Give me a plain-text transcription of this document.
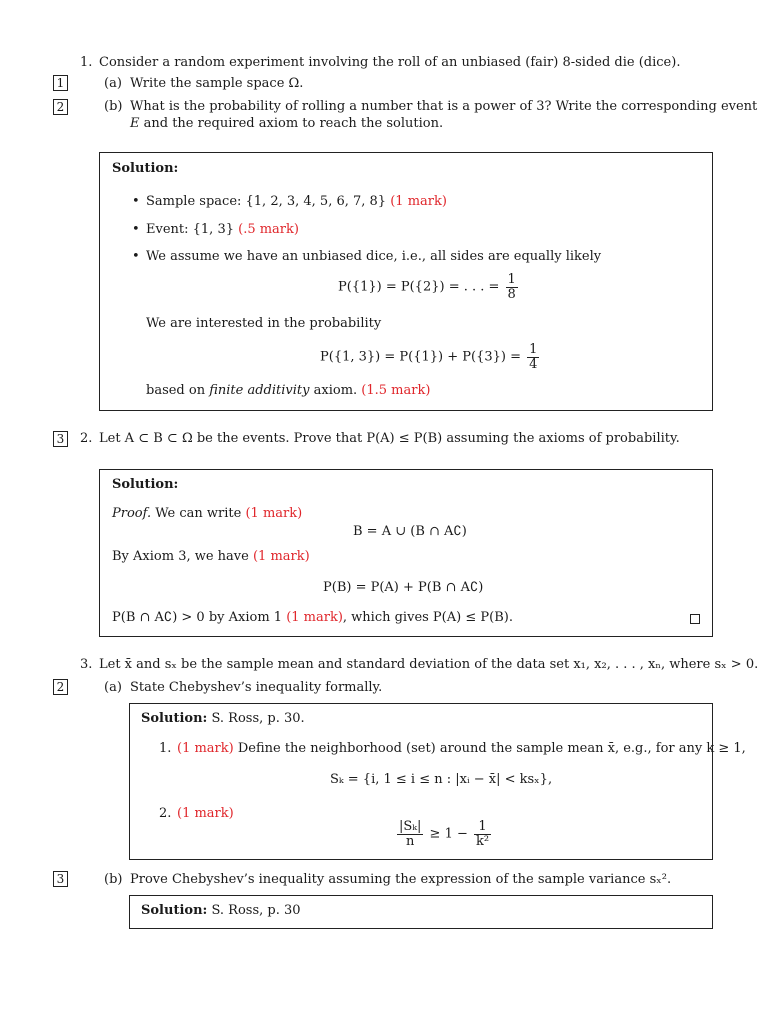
1. Consider a random experiment involving the roll of an unbiased (fair) 8-sided die (dice).
1	(a) Write the sample space Ω.
2	(b) What is the probability of rolling a number that is a power of 3? Write the corresponding event
E and the required axiom to reach the solution.
Solution:
• Sample space: {1, 2, 3, 4, 5, 6, 7, 8} (1 mark)
• Event: {1, 3} (.5 mark)
• We assume we have an unbiased dice, i.e., all sides are equally likely
P({1}) = P({2}) = . . . = $\frac{1}{8}$
We are interested in the probability
P({1, $3\}) = P(\{1\}) + P(\{3\}) = \frac{1}{4}$
based on finite additivity axiom. (1.5 mark)
3 2. Let A ⊂ B ⊂ Ω be the events. Prove that P(A) ≤ P(B) assuming the axioms of probability.
Solution:
Proof. We can write (1 mark)
B = A ∪ (B ∩ A∁)
By Axiom 3, we have (1 mark)
P(B) = P(A) + P(B ∩ A∁)
P(B ∩ A∁) > 0 by Axiom 1 (1 mark), which gives P(A) ≤ P(B).
3. Let x̄ and sₓ be the sample mean and standard deviation of the data set x₁, x₂, . . . , xₙ, where sₓ > 0.
2	(a) State Chebyshev’s inequality formally.
Solution: S. Ross, p. 30.
1. (1 mark) Define the neighborhood (set) around the sample mean x̄, e.g., for any k ≥ 1,
Sₖ = {i, 1 ≤ i ≤ n : |xᵢ − x̄| < ksₓ},
2. (1 mark)
$\frac{\text{|Sₖ|}}{n} \ge 1 - \frac{1}{\text{k²}}$
3	(b) Prove Chebyshev’s inequality assuming the expression of the sample variance sₓ².
Solution: S. Ross, p. 30
